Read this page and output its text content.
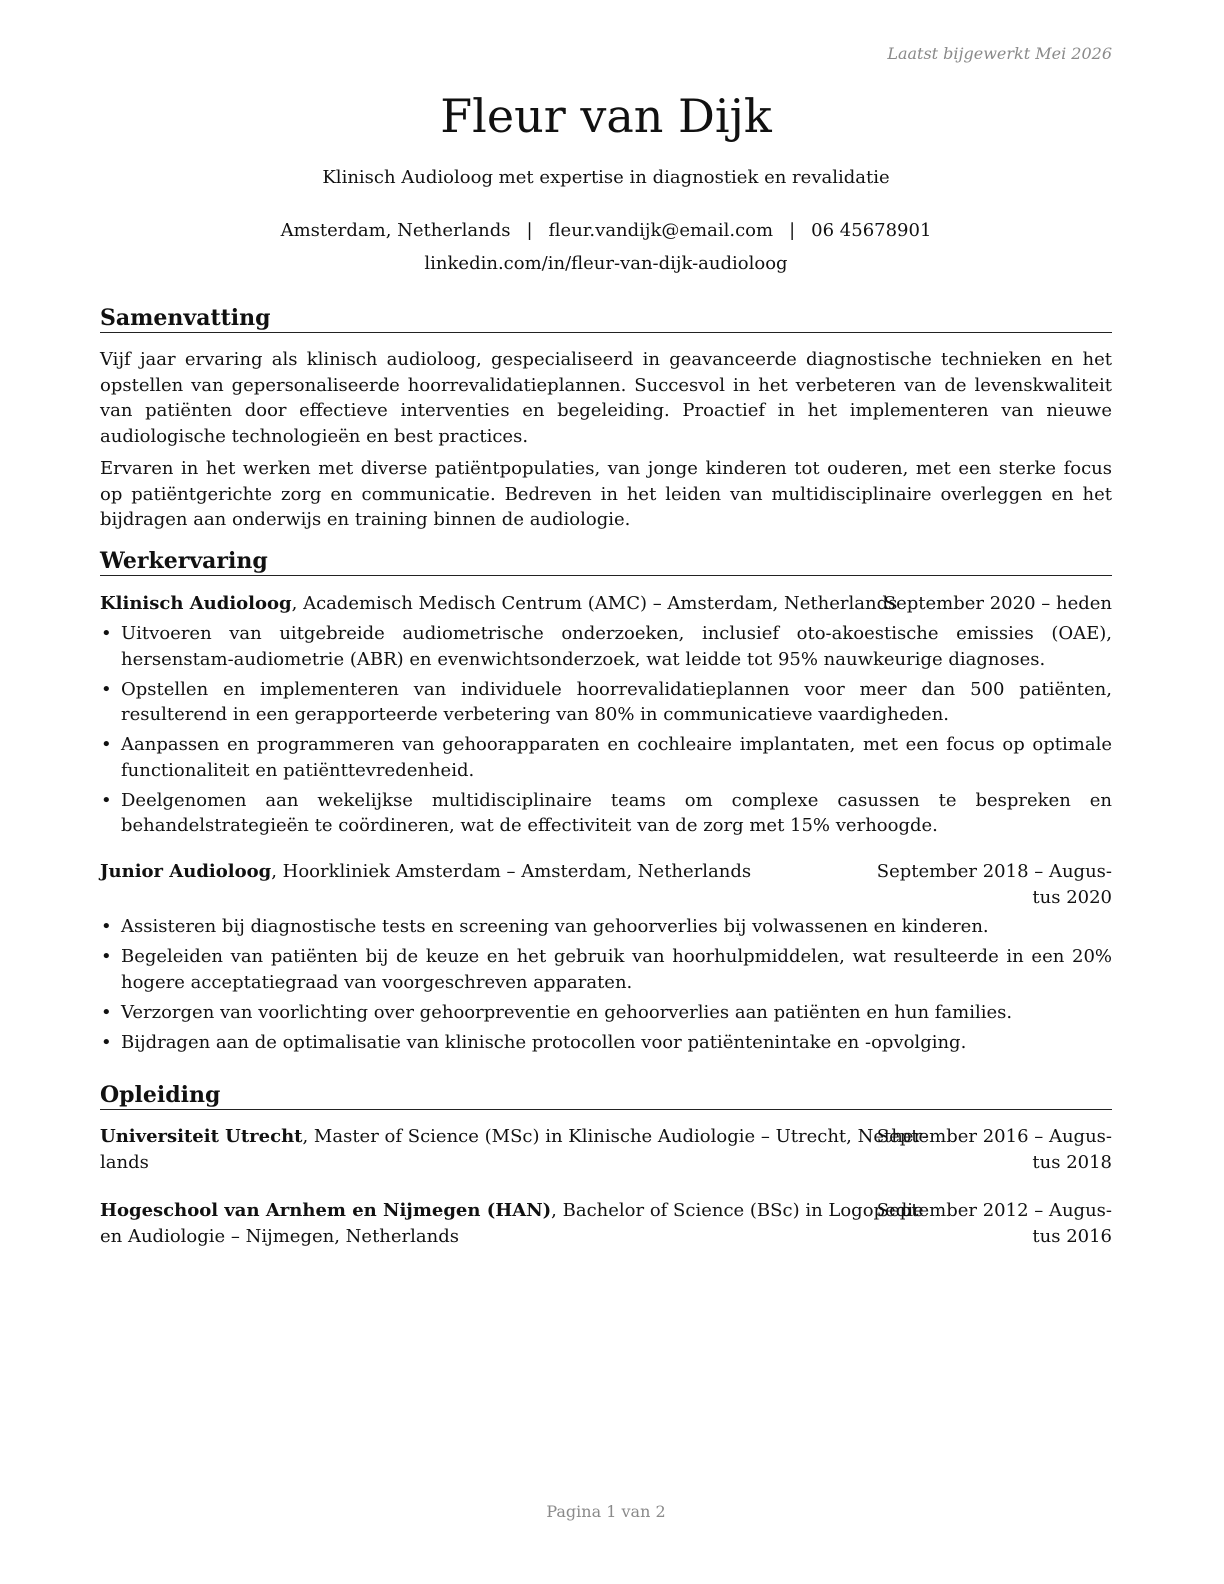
Laatst bijgewerkt Mei 2026
Fleur van Dijk
Klinisch Audioloog met expertise in diagnostiek en revalidatie
Amsterdam, Netherlands | fleur.vandijk@email.com | 06 45678901
linkedin.com/in/fleur-van-dijk-audioloog
Samenvatting
Vijf jaar ervaring als klinisch audioloog, gespecialiseerd in geavanceerde diagnostische technieken en het opstellen van gepersonaliseerde hoorrevalidatieplannen. Succesvol in het verbeteren van de levenskwaliteit van patiënten door effectieve interventies en begeleiding. Proactief in het implementeren van nieuwe audiologische technologieën en best practices.
Ervaren in het werken met diverse patiëntpopulaties, van jonge kinderen tot ouderen, met een sterke focus op patiëntgerichte zorg en communicatie. Bedreven in het leiden van multidisciplinaire overleggen en het bijdragen aan onderwijs en training binnen de audiologie.
Werkervaring
Klinisch Audioloog, Academisch Medisch Centrum (AMC) – Amsterdam, Netherlands
September 2020 – heden
• Uitvoeren van uitgebreide audiometrische onderzoeken, inclusief oto-akoestische emissies (OAE), hersenstam-audiometrie (ABR) en evenwichtsonderzoek, wat leidde tot 95% nauwkeurige diagnoses.
• Opstellen en implementeren van individuele hoorrevalidatieplannen voor meer dan 500 patiënten, resulterend in een gerapporteerde verbetering van 80% in communicatieve vaardigheden.
• Aanpassen en programmeren van gehoorapparaten en cochleaire implantaten, met een focus op optimale functionaliteit en patiënttevredenheid.
• Deelgenomen aan wekelijkse multidisciplinaire teams om complexe casussen te bespreken en behandelstrategieën te coördineren, wat de effectiviteit van de zorg met 15% verhoogde.
Junior Audioloog, Hoorkliniek Amsterdam – Amsterdam, Netherlands	September 2018 – Augus-
tus 2020
• Assisteren bij diagnostische tests en screening van gehoorverlies bij volwassenen en kinderen.
• Begeleiden van patiënten bij de keuze en het gebruik van hoorhulpmiddelen, wat resulteerde in een 20% hogere acceptatiegraad van voorgeschreven apparaten.
• Verzorgen van voorlichting over gehoorpreventie en gehoorverlies aan patiënten en hun families.
• Bijdragen aan de optimalisatie van klinische protocollen voor patiëntenintake en -opvolging.
Opleiding
Universiteit Utrecht, Master of Science (MSc) in Klinische Audiologie – Utrecht, Nether-
lands
September 2016 – Augus-
tus 2018
Hogeschool van Arnhem en Nijmegen (HAN), Bachelor of Science (BSc) in Logopedie
en Audiologie – Nijmegen, Netherlands
September 2012 – Augus-
tus 2016
Pagina 1 van 2
